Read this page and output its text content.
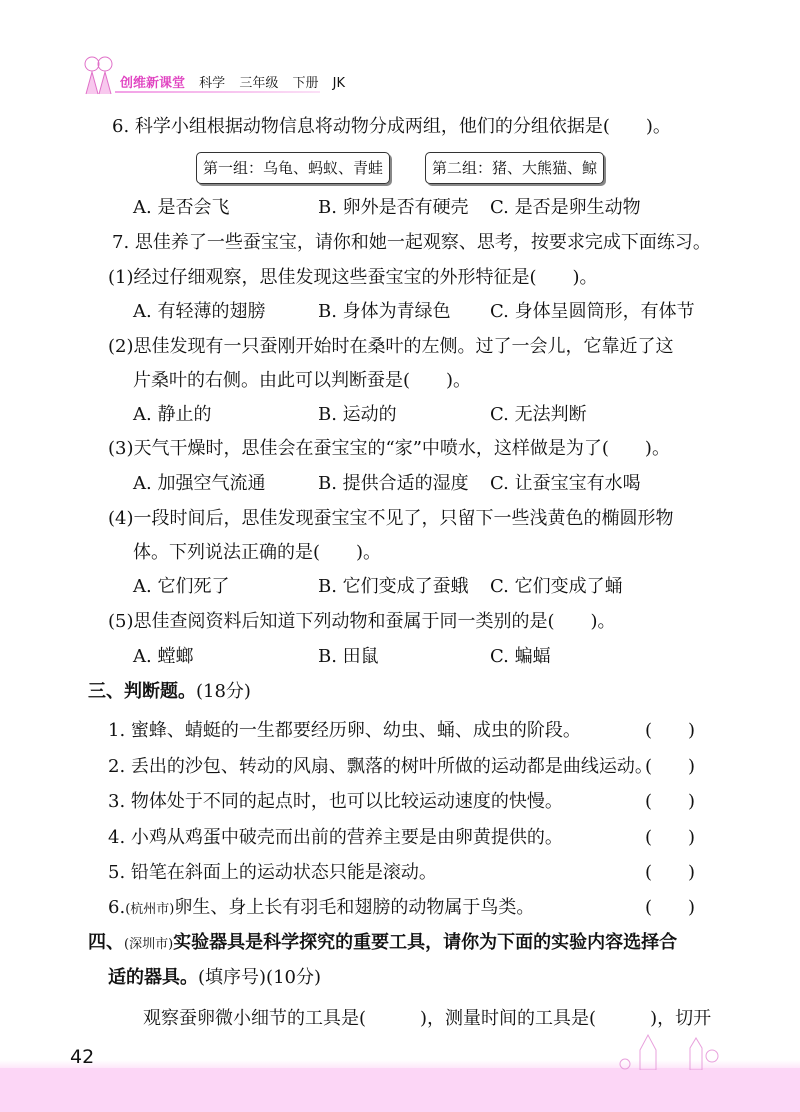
创维新课堂 科学 三年级 下册 JK
6. 科学小组根据动物信息将动物分成两组，他们的分组依据是(　　)。
第一组：乌龟、蚂蚁、青蛙	第二组：猪、大熊猫、鲸
A. 是否会飞	B. 卵外是否有硬壳 C. 是否是卵生动物
7. 思佳养了一些蚕宝宝，请你和她一起观察、思考，按要求完成下面练习。
(1)经过仔细观察，思佳发现这些蚕宝宝的外形特征是(　　)。
A. 有轻薄的翅膀	B. 身体为青绿色 C. 身体呈圆筒形，有体节
(2)思佳发现有一只蚕刚开始时在桑叶的左侧。过了一会儿，它靠近了这
片桑叶的右侧。由此可以判断蚕是(　　)。
A. 静止的	B. 运动的	C. 无法判断
(3)天气干燥时，思佳会在蚕宝宝的“家”中喷水，这样做是为了(　　)。
A. 加强空气流通	B. 提供合适的湿度 C. 让蚕宝宝有水喝
(4)一段时间后，思佳发现蚕宝宝不见了，只留下一些浅黄色的椭圆形物
体。下列说法正确的是(　　)。
A. 它们死了	B. 它们变成了蚕蛾 C. 它们变成了蛹
(5)思佳查阅资料后知道下列动物和蚕属于同一类别的是(　　)。
A. 螳螂	B. 田鼠	C. 蝙蝠
三、判断题。(18分)
1. 蜜蜂、蜻蜓的一生都要经历卵、幼虫、蛹、成虫的阶段。	(　　)
2. 丢出的沙包、转动的风扇、飘落的树叶所做的运动都是曲线运动。
(　　)
3. 物体处于不同的起点时，也可以比较运动速度的快慢。	(　　)
4. 小鸡从鸡蛋中破壳而出前的营养主要是由卵黄提供的。	(　　)
5. 铅笔在斜面上的运动状态只能是滚动。	(　　)
6.(杭州市)卵生、身上长有羽毛和翅膀的动物属于鸟类。	(　　)
四、(深圳市)实验器具是科学探究的重要工具，请你为下面的实验内容选择合
适的器具。(填序号)(10分)
观察蚕卵微小细节的工具是(　　　)，测量时间的工具是(　　　)，切开
42
